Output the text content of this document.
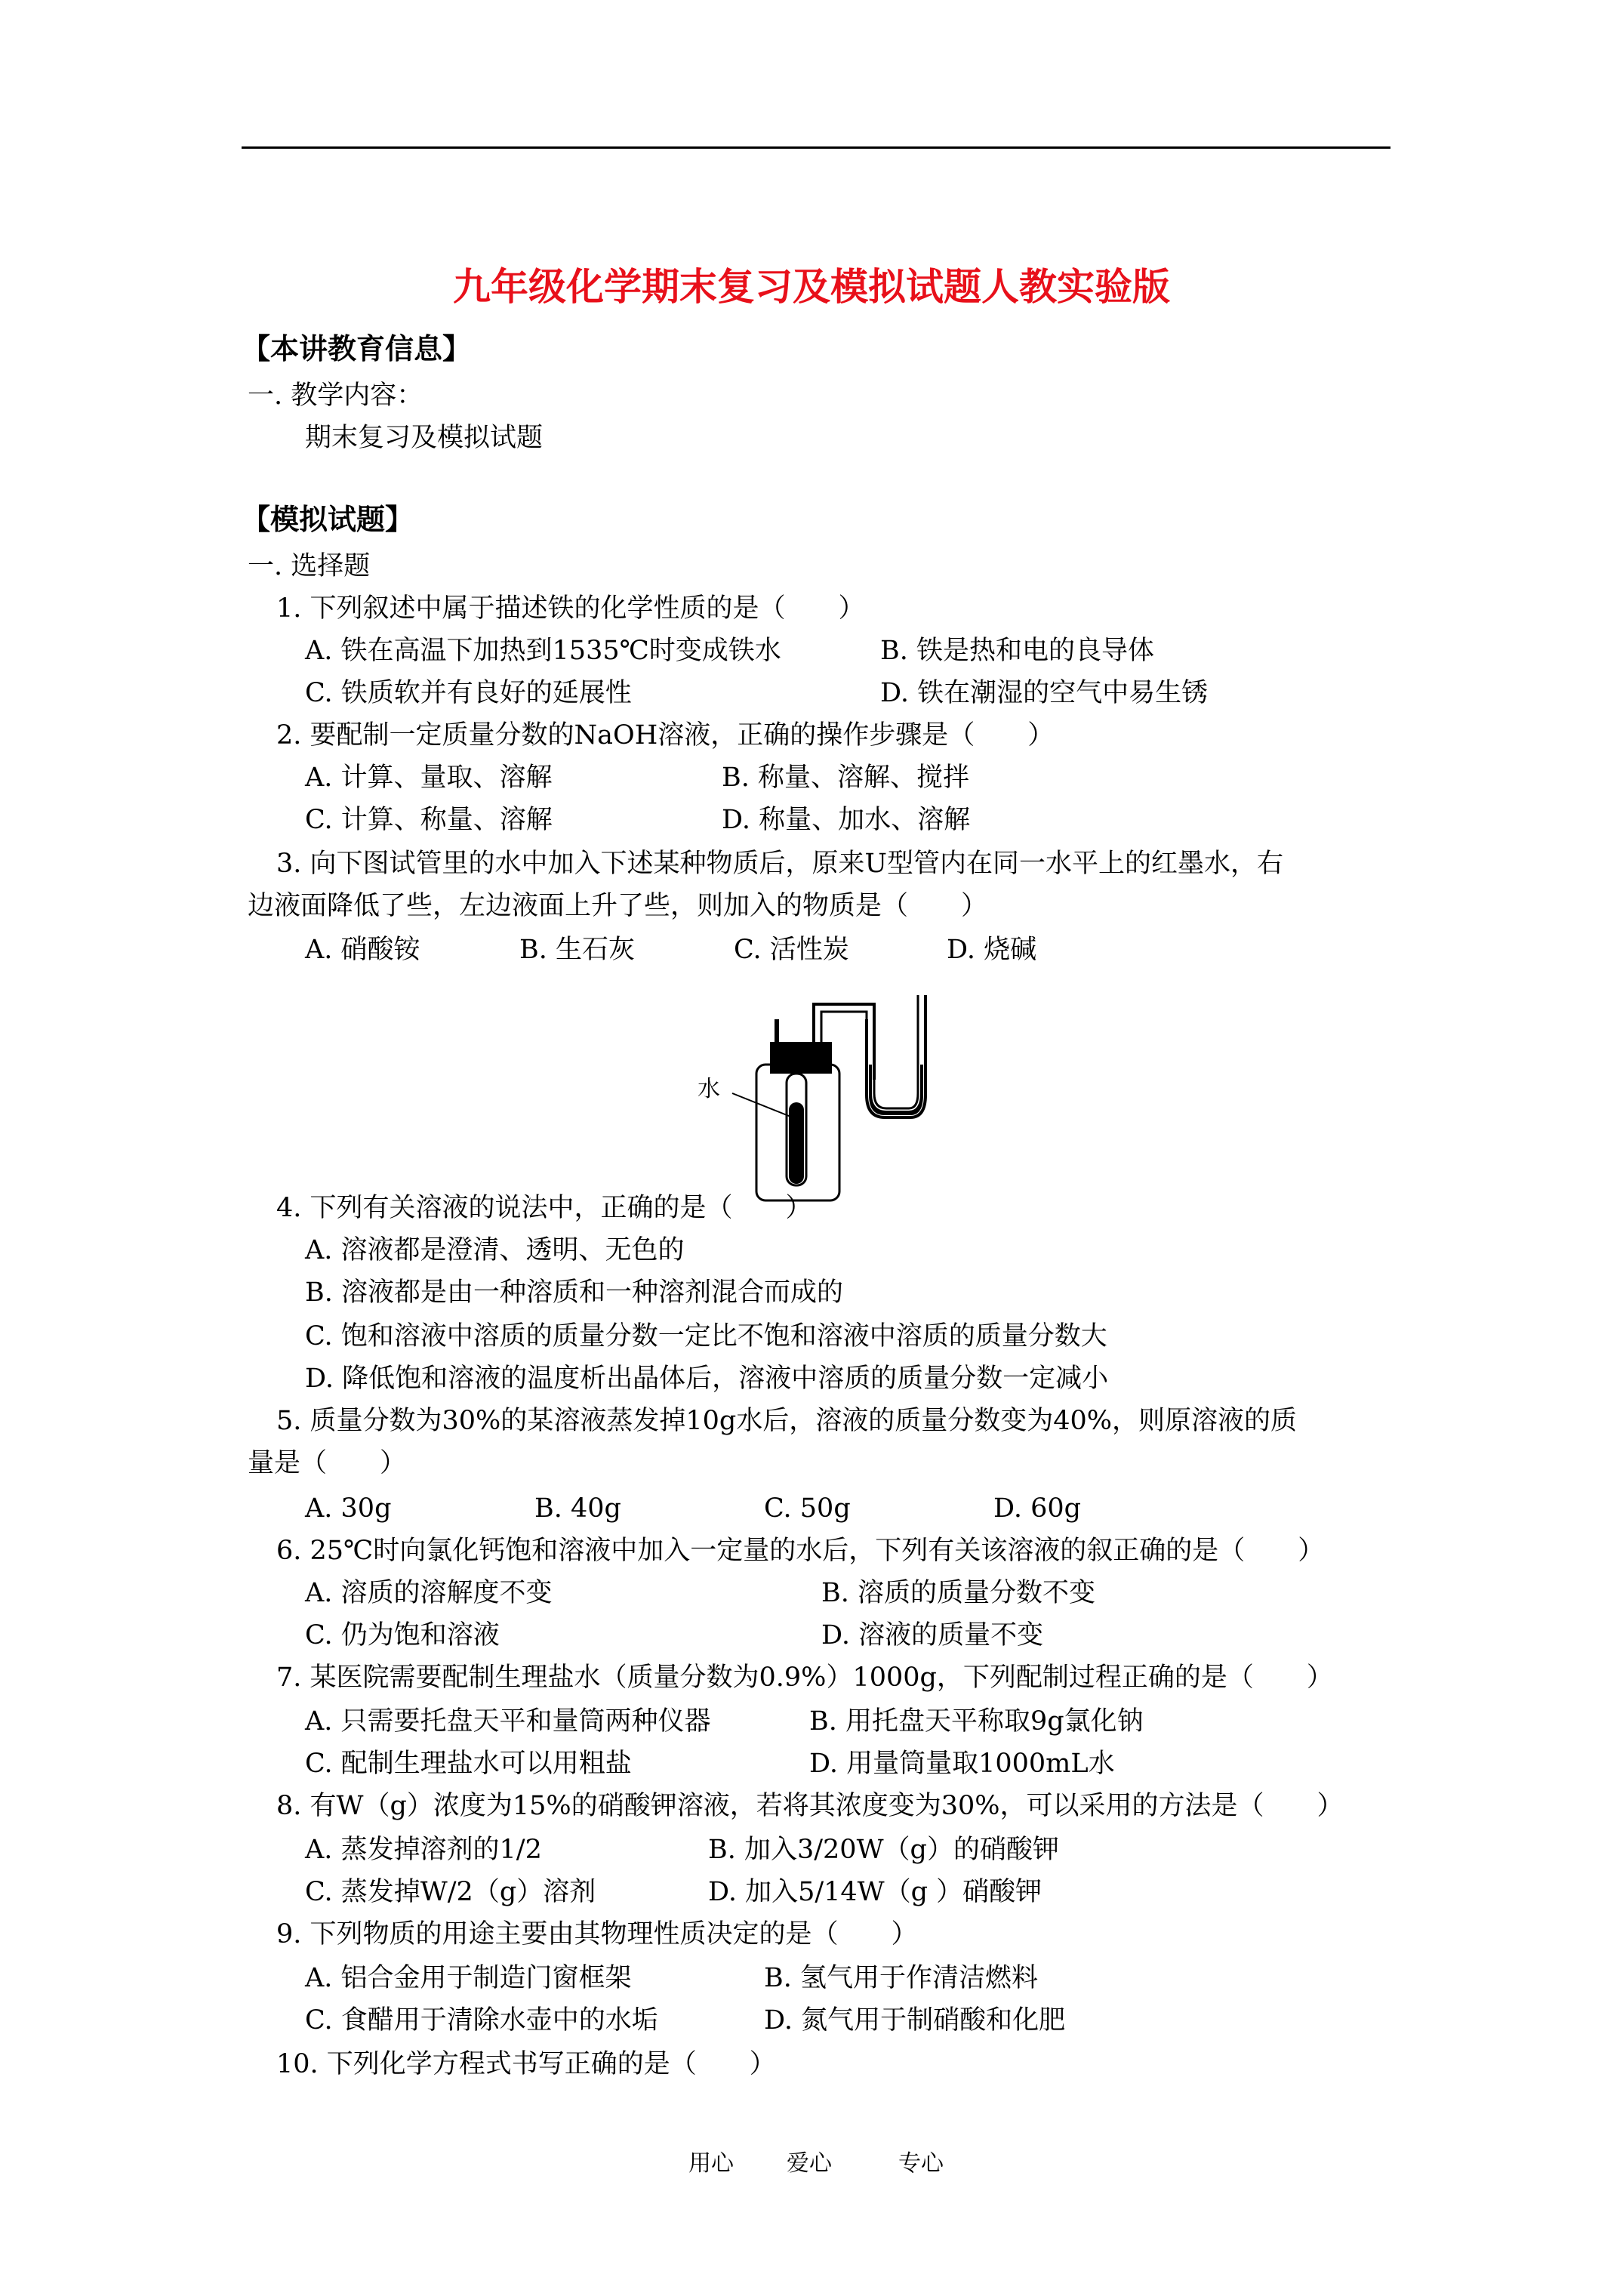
九年级化学期末复习及模拟试题人教实验版
【本讲教育信息】
一. 教学内容：
期末复习及模拟试题
【模拟试题】
一. 选择题
1. 下列叙述中属于描述铁的化学性质的是（　　）
A. 铁在高温下加热到1535℃时变成铁水	B. 铁是热和电的良导体
C. 铁质软并有良好的延展性	D. 铁在潮湿的空气中易生锈
2. 要配制一定质量分数的NaOH溶液，正确的操作步骤是（　　）
A. 计算、量取、溶解	B. 称量、溶解、搅拌
C. 计算、称量、溶解	D. 称量、加水、溶解
3. 向下图试管里的水中加入下述某种物质后，原来U型管内在同一水平上的红墨水，右
边液面降低了些，左边液面上升了些，则加入的物质是（　　）
A. 硝酸铵	B. 生石灰	C. 活性炭	D. 烧碱
水
4. 下列有关溶液的说法中，正确的是（　　）
A. 溶液都是澄清、透明、无色的
B. 溶液都是由一种溶质和一种溶剂混合而成的
C. 饱和溶液中溶质的质量分数一定比不饱和溶液中溶质的质量分数大
D. 降低饱和溶液的温度析出晶体后，溶液中溶质的质量分数一定减小
5. 质量分数为30%的某溶液蒸发掉10g水后，溶液的质量分数变为40%，则原溶液的质
量是（　　）
A. 30g	B. 40g	C. 50g	D. 60g
6. 25℃时向氯化钙饱和溶液中加入一定量的水后，下列有关该溶液的叙正确的是（　　）
A. 溶质的溶解度不变	B. 溶质的质量分数不变
C. 仍为饱和溶液	D. 溶液的质量不变
7. 某医院需要配制生理盐水（质量分数为0.9%）1000g，下列配制过程正确的是（　　）
A. 只需要托盘天平和量筒两种仪器	B. 用托盘天平称取9g氯化钠
C. 配制生理盐水可以用粗盐	D. 用量筒量取1000mL水
8. 有W（g）浓度为15%的硝酸钾溶液，若将其浓度变为30%，可以采用的方法是（　　）
A. 蒸发掉溶剂的1/2	B. 加入3/20W（g）的硝酸钾
C. 蒸发掉W/2（g）溶剂	D. 加入5/14W（g ）硝酸钾
9. 下列物质的用途主要由其物理性质决定的是（　　）
A. 铝合金用于制造门窗框架	B. 氢气用于作清洁燃料
C. 食醋用于清除水壶中的水垢	D. 氮气用于制硝酸和化肥
10. 下列化学方程式书写正确的是（　　）
用心 爱心	专心
